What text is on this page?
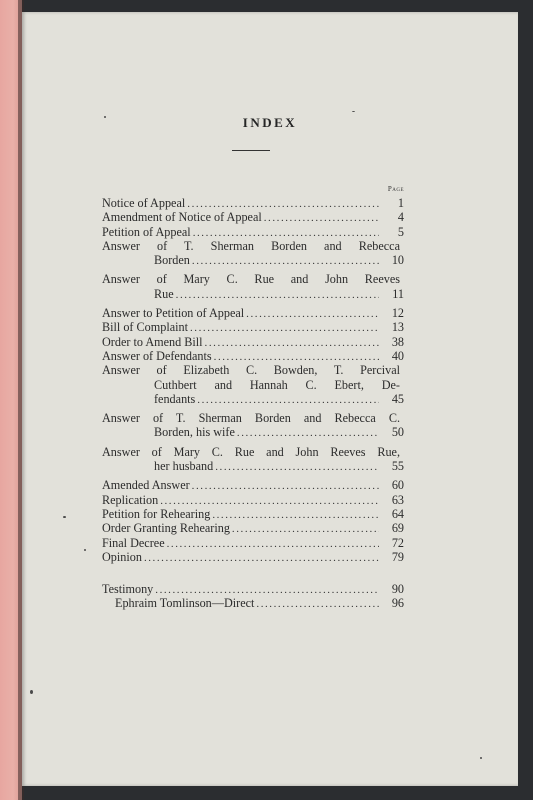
INDEX
Page
Notice of Appeal . . .	1
Amendment of Notice of Appeal . . .	4
Petition of Appeal . . .	5
Answer of T. Sherman Borden and Rebecca
Borden . . .	10
Answer of Mary C. Rue and John Reeves
Rue . . .	11
Answer to Petition of Appeal . . .	12
Bill of Complaint . . .	13
Order to Amend Bill . . .	38
Answer of Defendants . . .	40
Answer of Elizabeth C. Bowden, T. Percival
Cuthbert and Hannah C. Ebert, De-
fendants . . .	45
Answer of T. Sherman Borden and Rebecca C.
Borden, his wife . . .	50
Answer of Mary C. Rue and John Reeves Rue,
her husband . . .	55
Amended Answer . . .	60
Replication . . .	63
Petition for Rehearing . . .	64
Order Granting Rehearing . . .	69
Final Decree . . .	72
Opinion . . .	79
Testimony . . .	90
Ephraim Tomlinson—Direct . . .	96
